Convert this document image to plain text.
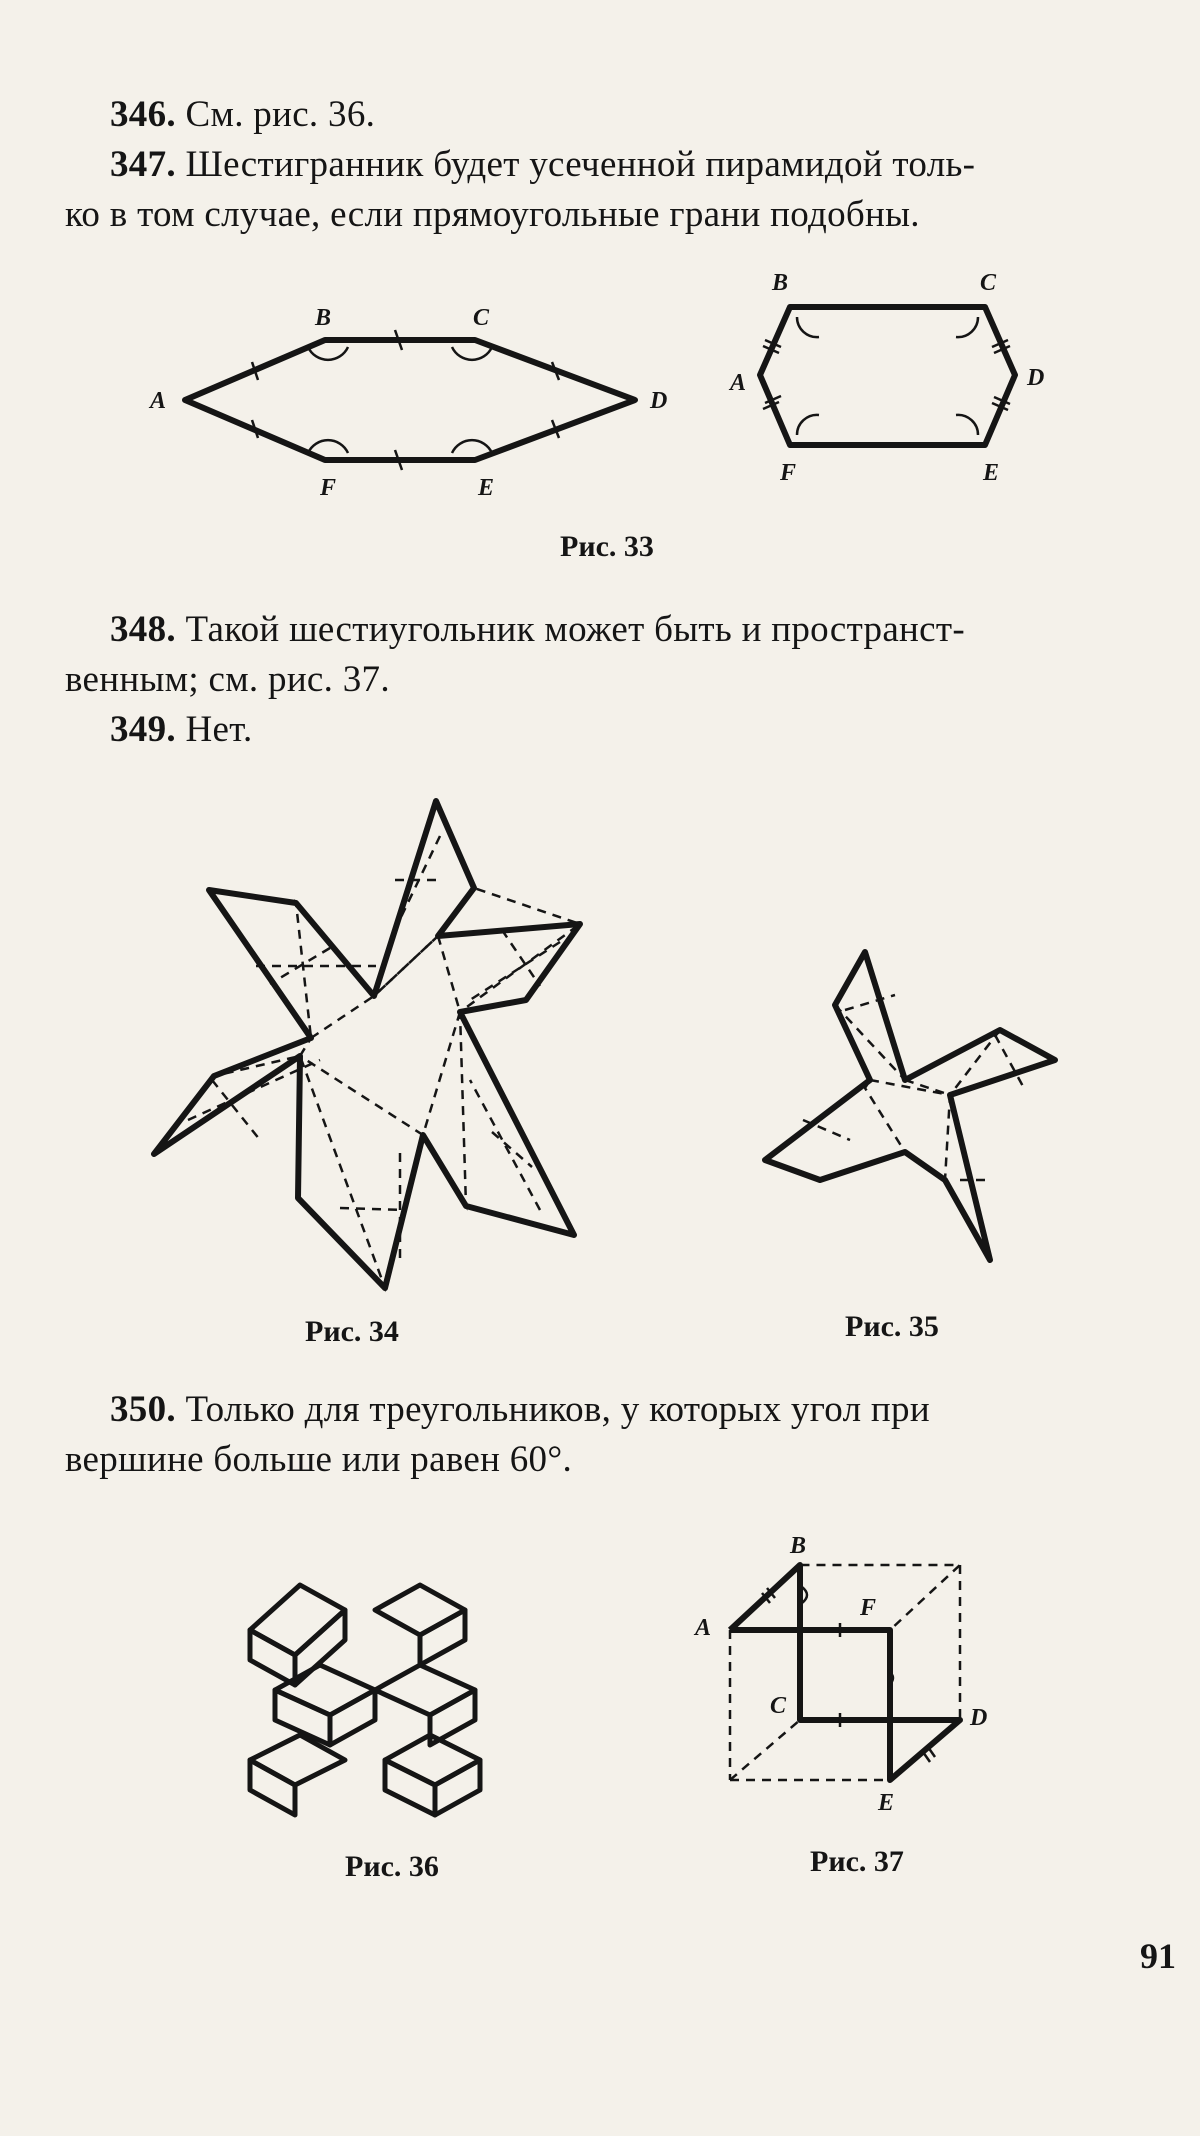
346. См. рис. 36.
347. Шестигранник будет усеченной пирамидой толь-
ко в том случае, если прямоугольные грани подобны.
A
B	C
D
F	E
A
B	C
D
F	E
Рис. 33
348. Такой шестиугольник может быть и пространст-
венным; см. рис. 37.
349. Нет.
Рис. 34	Рис. 35
350. Только для треугольников, у которых угол при
вершине больше или равен 60°.
Рис. 36
A
B
F
C	D
E
Рис. 37
91
